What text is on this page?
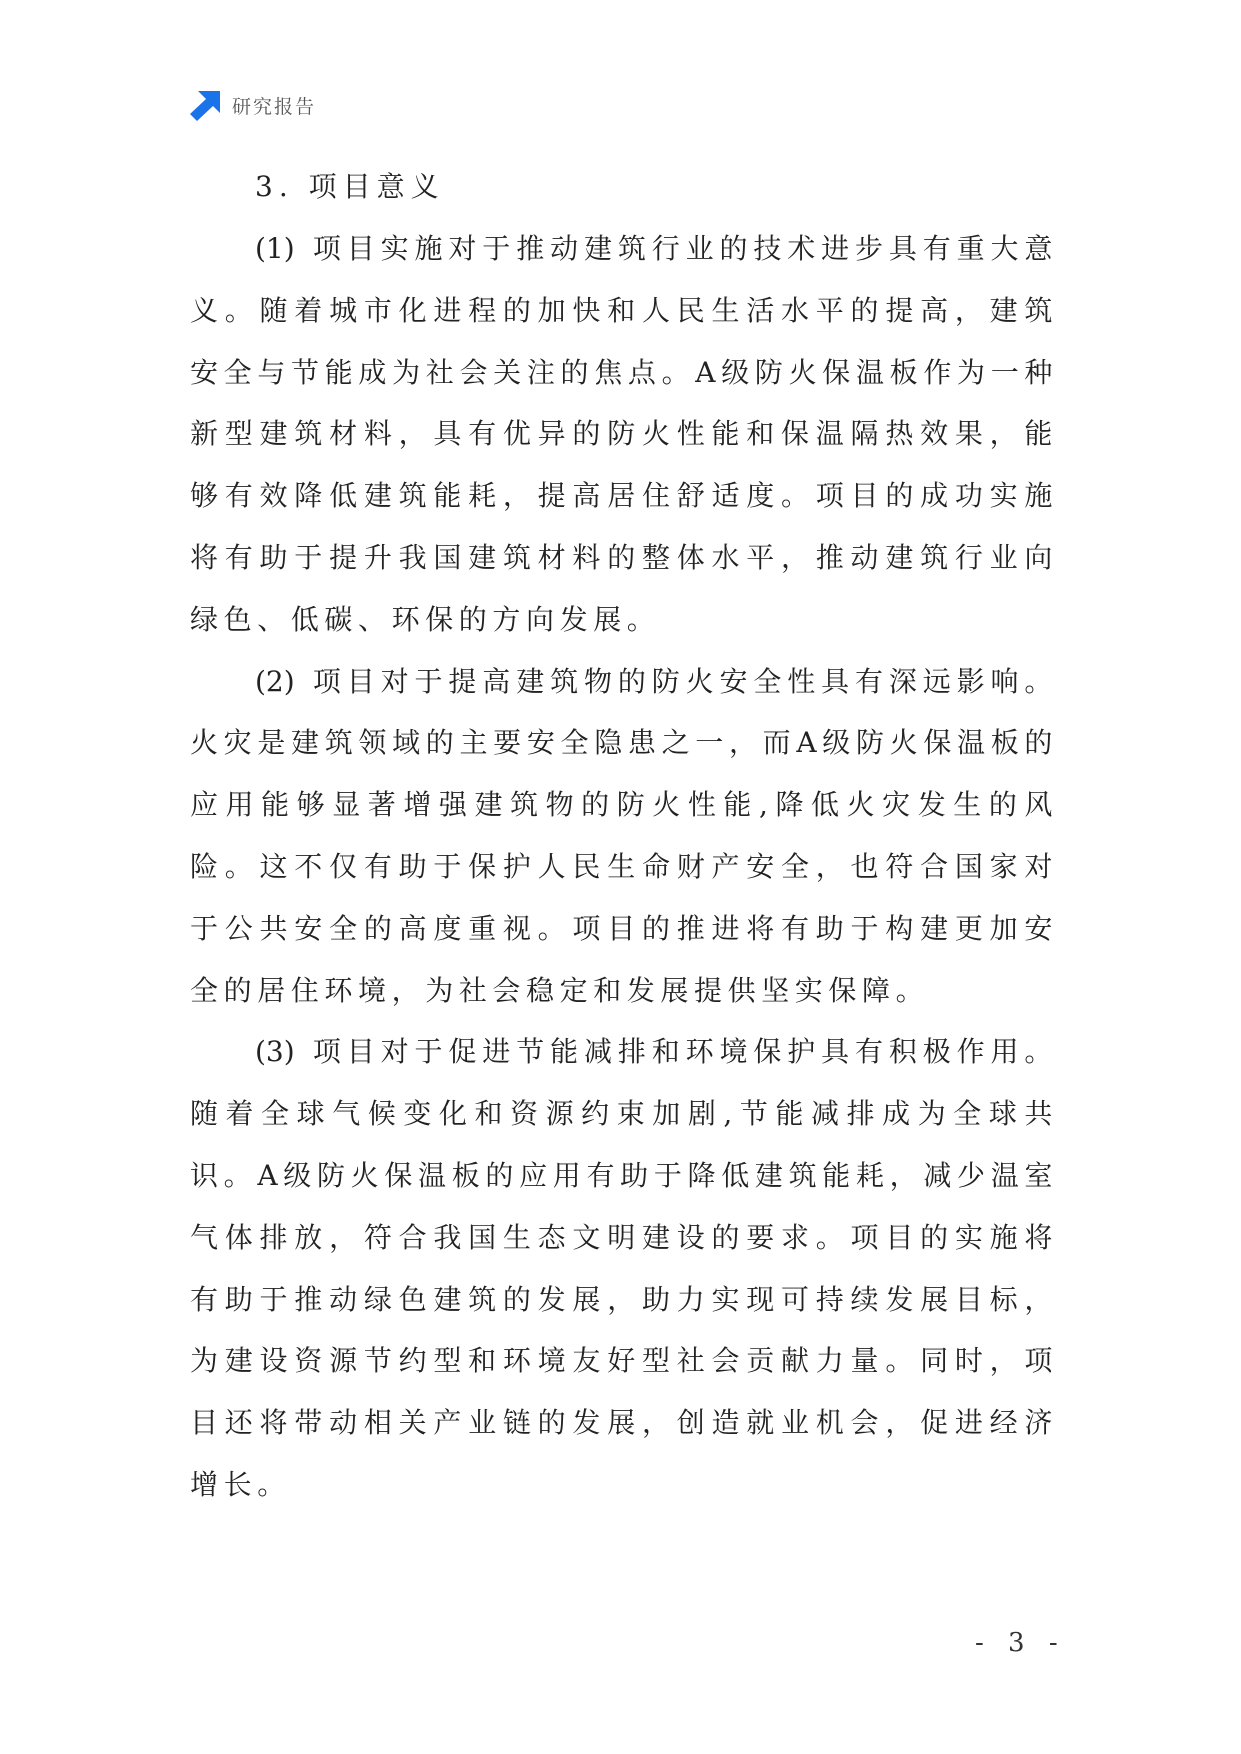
研究报告
3. 项目意义

(1) 项目实施对于推动建筑行业的技术进步具有重大意义。随着城市化进程的加快和人民生活水平的提高，建筑安全与节能成为社会关注的焦点。A级防火保温板作为一种新型建筑材料，具有优异的防火性能和保温隔热效果，能够有效降低建筑能耗，提高居住舒适度。项目的成功实施将有助于提升我国建筑材料的整体水平，推动建筑行业向绿色、低碳、环保的方向发展。

(2) 项目对于提高建筑物的防火安全性具有深远影响。火灾是建筑领域的主要安全隐患之一，而A级防火保温板的应用能够显著增强建筑物的防火性能,降低火灾发生的风险。这不仅有助于保护人民生命财产安全，也符合国家对于公共安全的高度重视。项目的推进将有助于构建更加安全的居住环境，为社会稳定和发展提供坚实保障。

(3) 项目对于促进节能减排和环境保护具有积极作用。随着全球气候变化和资源约束加剧,节能减排成为全球共识。A级防火保温板的应用有助于降低建筑能耗，减少温室气体排放，符合我国生态文明建设的要求。项目的实施将有助于推动绿色建筑的发展，助力实现可持续发展目标，为建设资源节约型和环境友好型社会贡献力量。同时，项目还将带动相关产业链的发展，创造就业机会，促进经济增长。

- 3 -
